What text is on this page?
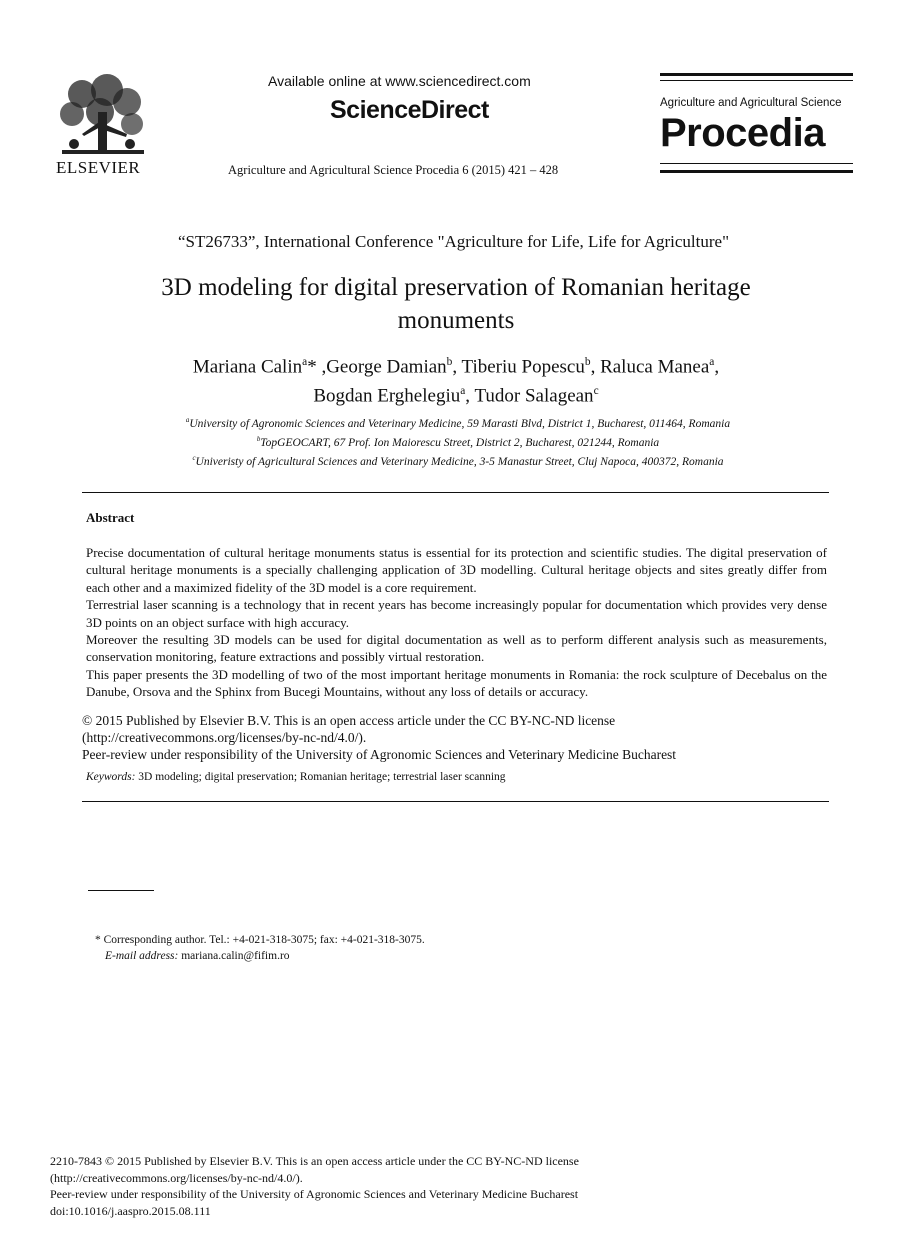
ELSEVIER
Available online at www.sciencedirect.com
ScienceDirect
Agriculture and Agricultural Science Procedia 6 (2015) 421 – 428
Agriculture and Agricultural Science
Procedia
“ST26733”, International Conference "Agriculture for Life, Life for Agriculture"
3D modeling for digital preservation of Romanian heritage
monuments
Mariana Calin$^a$* ,George Damian$^b$, Tiberiu Popescu$^b$, Raluca Manea$^a$,
Bogdan Erghelegiu$^a$, Tudor Salagean$^c$
$^a$University of Agronomic Sciences and Veterinary Medicine, 59 Marasti Blvd, District 1, Bucharest, 011464, Romania
$^b$TopGEOCART, 67 Prof. Ion Maiorescu Street, District 2, Bucharest, 021244, Romania
$^c$Univeristy of Agricultural Sciences and Veterinary Medicine, 3-5 Manastur Street, Cluj Napoca, 400372, Romania
Abstract

Precise documentation of cultural heritage monuments status is essential for its protection and scientific studies. The digital preservation of cultural heritage monuments is a specially challenging application of 3D modelling. Cultural heritage objects and sites greatly differ from each other and a maximized fidelity of the 3D model is a core requirement.

Terrestrial laser scanning is a technology that in recent years has become increasingly popular for documentation which provides very dense 3D points on an object surface with high accuracy.

Moreover the resulting 3D models can be used for digital documentation as well as to perform different analysis such as measurements, conservation monitoring, feature extractions and possibly virtual restoration.

This paper presents the 3D modelling of two of the most important heritage monuments in Romania: the rock sculpture of Decebalus on the Danube, Orsova and the Sphinx from Bucegi Mountains, without any loss of details or accuracy.

© 2015 Published by Elsevier B.V. This is an open access article under the CC BY-NC-ND license
(http://creativecommons.org/licenses/by-nc-nd/4.0/).
Peer-review under responsibility of the University of Agronomic Sciences and Veterinary Medicine Bucharest
Keywords: 3D modeling; digital preservation; Romanian heritage; terrestrial laser scanning
* Corresponding author. Tel.: +4-021-318-3075; fax: +4-021-318-3075.
E-mail address: mariana.calin@fifim.ro
2210-7843 © 2015 Published by Elsevier B.V. This is an open access article under the CC BY-NC-ND license
(http://creativecommons.org/licenses/by-nc-nd/4.0/).
Peer-review under responsibility of the University of Agronomic Sciences and Veterinary Medicine Bucharest
doi:10.1016/j.aaspro.2015.08.111
